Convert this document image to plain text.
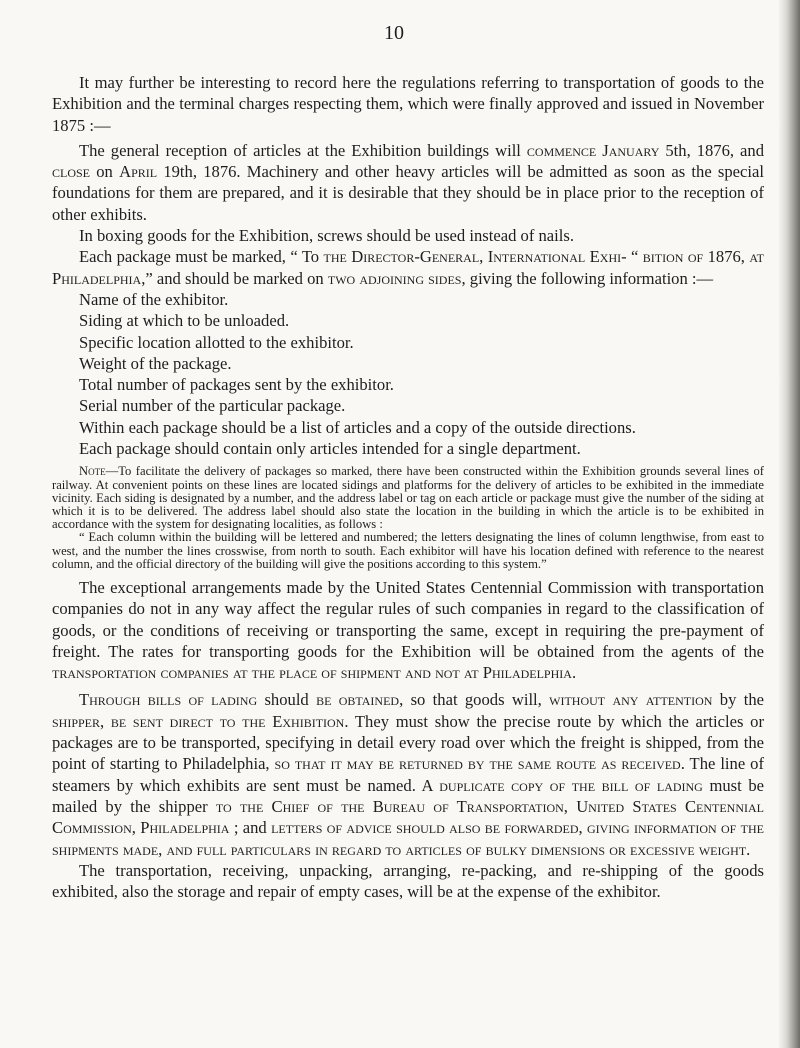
10

It may further be interesting to record here the regulations referring to transportation of goods to the Exhibition and the terminal charges respecting them, which were finally approved and issued in November 1875 :—

The general reception of articles at the Exhibition buildings will commence January 5th, 1876, and close on April 19th, 1876. Machinery and other heavy articles will be admitted as soon as the special foundations for them are prepared, and it is desirable that they should be in place prior to the reception of other exhibits.

In boxing goods for the Exhibition, screws should be used instead of nails.

Each package must be marked, “ To the Director-General, International Exhi- “ bition of 1876, at Philadelphia,” and should be marked on two adjoining sides, giving the following information :—

Name of the exhibitor.

Siding at which to be unloaded.

Specific location allotted to the exhibitor.

Weight of the package.

Total number of packages sent by the exhibitor.

Serial number of the particular package.

Within each package should be a list of articles and a copy of the outside directions.

Each package should contain only articles intended for a single department.

Note—To facilitate the delivery of packages so marked, there have been constructed within the Exhibition grounds several lines of railway. At convenient points on these lines are located sidings and platforms for the delivery of articles to be exhibited in the immediate vicinity. Each siding is designated by a number, and the address label or tag on each article or package must give the number of the siding at which it is to be delivered. The address label should also state the location in the building in which the article is to be exhibited in accordance with the system for designating localities, as follows :

“ Each column within the building will be lettered and numbered; the letters designating the lines of column lengthwise, from east to west, and the number the lines crosswise, from north to south. Each exhibitor will have his location defined with reference to the nearest column, and the official directory of the building will give the positions according to this system.”

The exceptional arrangements made by the United States Centennial Commission with transportation companies do not in any way affect the regular rules of such companies in regard to the classification of goods, or the conditions of receiving or transporting the same, except in requiring the pre-payment of freight. The rates for transporting goods for the Exhibition will be obtained from the agents of the transportation companies at the place of shipment and not at Philadelphia.

Through bills of lading should be obtained, so that goods will, without any attention by the shipper, be sent direct to the Exhibition. They must show the precise route by which the articles or packages are to be transported, specifying in detail every road over which the freight is shipped, from the point of starting to Philadelphia, so that it may be returned by the same route as received. The line of steamers by which exhibits are sent must be named. A duplicate copy of the bill of lading must be mailed by the shipper to the Chief of the Bureau of Transportation, United States Centennial Commission, Philadelphia ; and letters of advice should also be forwarded, giving information of the shipments made, and full particulars in regard to articles of bulky dimensions or excessive weight.

The transportation, receiving, unpacking, arranging, re-packing, and re-shipping of the goods exhibited, also the storage and repair of empty cases, will be at the expense of the exhibitor.
